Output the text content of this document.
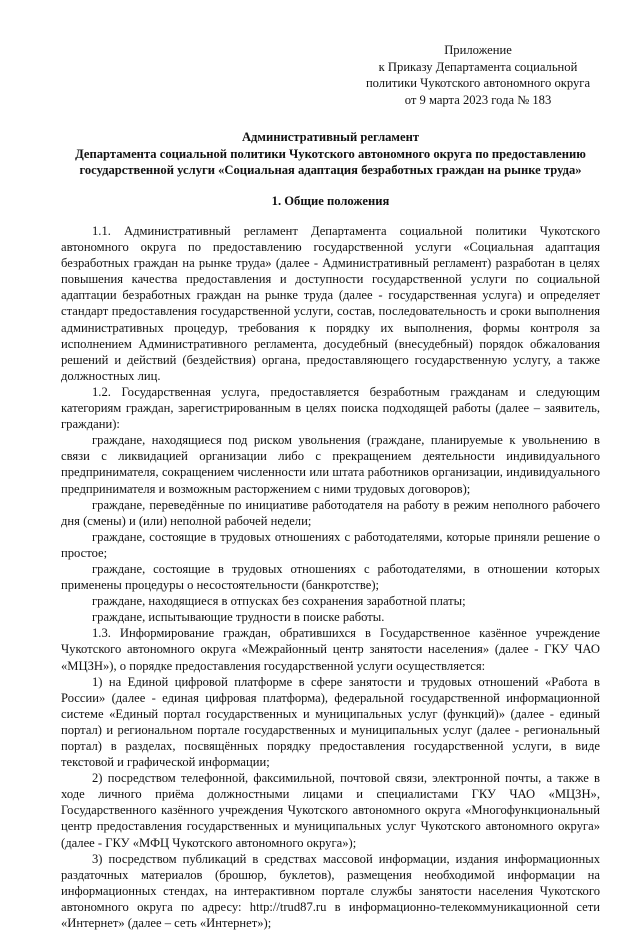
Приложение
к Приказу Департамента социальной
политики Чукотского автономного округа
от 9 марта 2023 года № 183
Административный регламент
Департамента социальной политики Чукотского автономного округа по предоставлению
государственной услуги «Социальная адаптация безработных граждан на рынке труда»
1. Общие положения

1.1. Административный регламент Департамента социальной политики Чукотского автономного округа по предоставлению государственной услуги «Социальная адаптация безработных граждан на рынке труда» (далее - Административный регламент) разработан в целях повышения качества предоставления и доступности государственной услуги по социальной адаптации безработных граждан на рынке труда (далее - государственная услуга) и определяет стандарт предоставления государственной услуги, состав, последовательность и сроки выполнения административных процедур, требования к порядку их выполнения, формы контроля за исполнением Административного регламента, досудебный (внесудебный) порядок обжалования решений и действий (бездействия) органа, предоставляющего государственную услугу, а также должностных лиц.

1.2. Государственная услуга, предоставляется безработным гражданам и следующим категориям граждан, зарегистрированным в целях поиска подходящей работы (далее – заявитель, граждани):

граждане, находящиеся под риском увольнения (граждане, планируемые к увольнению в связи с ликвидацией организации либо с прекращением деятельности индивидуального предпринимателя, сокращением численности или штата работников организации, индивидуального предпринимателя и возможным расторжением с ними трудовых договоров);

граждане, переведённые по инициативе работодателя на работу в режим неполного рабочего дня (смены) и (или) неполной рабочей недели;

граждане, состоящие в трудовых отношениях с работодателями, которые приняли решение о простое;

граждане, состоящие в трудовых отношениях с работодателями, в отношении которых применены процедуры о несостоятельности (банкротстве);

граждане, находящиеся в отпусках без сохранения заработной платы;

граждане, испытывающие трудности в поиске работы.

1.3. Информирование граждан, обратившихся в Государственное казённое учреждение Чукотского автономного округа «Межрайонный центр занятости населения» (далее - ГКУ ЧАО «МЦЗН»), о порядке предоставления государственной услуги осуществляется:

1) на Единой цифровой платформе в сфере занятости и трудовых отношений «Работа в России» (далее - единая цифровая платформа), федеральной государственной информационной системе «Единый портал государственных и муниципальных услуг (функций)» (далее - единый портал) и региональном портале государственных и муниципальных услуг (далее - региональный портал) в разделах, посвящённых порядку предоставления государственной услуги, в виде текстовой и графической информации;

2) посредством телефонной, факсимильной, почтовой связи, электронной почты, а также в ходе личного приёма должностными лицами и специалистами ГКУ ЧАО «МЦЗН», Государственного казённого учреждения Чукотского автономного округа «Многофункциональный центр предоставления государственных и муниципальных услуг Чукотского автономного округа» (далее - ГКУ «МФЦ Чукотского автономного округа»);

3) посредством публикаций в средствах массовой информации, издания информационных раздаточных материалов (брошюр, буклетов), размещения необходимой информации на информационных стендах, на интерактивном портале службы занятости населения Чукотского автономного округа по адресу: http://trud87.ru в информационно-телекоммуникационной сети «Интернет» (далее – сеть «Интернет»);
